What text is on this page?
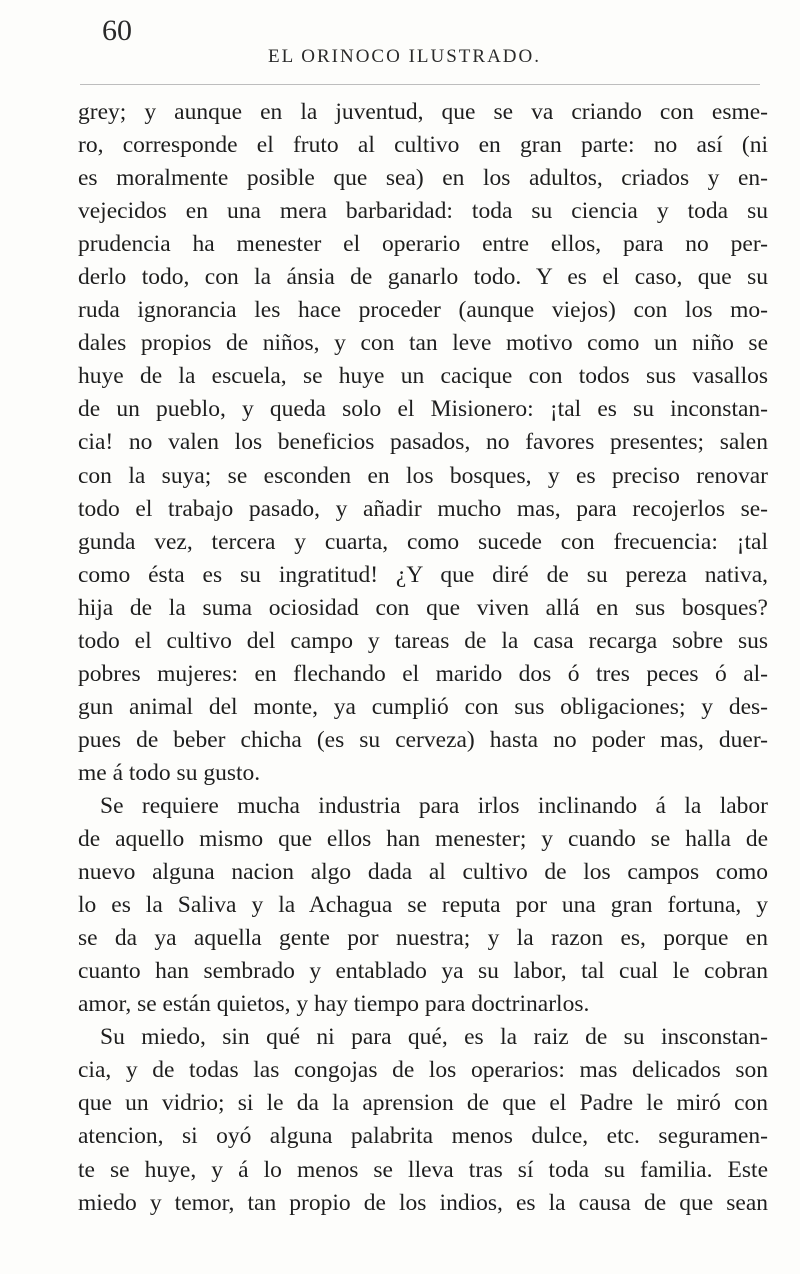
60
EL ORINOCO ILUSTRADO.
grey; y aunque en la juventud, que se va criando con esme-
ro, corresponde el fruto al cultivo en gran parte: no así (ni
es moralmente posible que sea) en los adultos, criados y en-
vejecidos en una mera barbaridad: toda su ciencia y toda su
prudencia ha menester el operario entre ellos, para no per-
derlo todo, con la ánsia de ganarlo todo. Y es el caso, que su
ruda ignorancia les hace proceder (aunque viejos) con los mo-
dales propios de niños, y con tan leve motivo como un niño se
huye de la escuela, se huye un cacique con todos sus vasallos
de un pueblo, y queda solo el Misionero: ¡tal es su inconstan-
cia! no valen los beneficios pasados, no favores presentes; salen
con la suya; se esconden en los bosques, y es preciso renovar
todo el trabajo pasado, y añadir mucho mas, para recojerlos se-
gunda vez, tercera y cuarta, como sucede con frecuencia: ¡tal
como ésta es su ingratitud! ¿Y que diré de su pereza nativa,
hija de la suma ociosidad con que viven allá en sus bosques?
todo el cultivo del campo y tareas de la casa recarga sobre sus
pobres mujeres: en flechando el marido dos ó tres peces ó al-
gun animal del monte, ya cumplió con sus obligaciones; y des-
pues de beber chicha (es su cerveza) hasta no poder mas, duer-
me á todo su gusto.
Se requiere mucha industria para irlos inclinando á la labor
de aquello mismo que ellos han menester; y cuando se halla de
nuevo alguna nacion algo dada al cultivo de los campos como
lo es la Saliva y la Achagua se reputa por una gran fortuna, y
se da ya aquella gente por nuestra; y la razon es, porque en
cuanto han sembrado y entablado ya su labor, tal cual le cobran
amor, se están quietos, y hay tiempo para doctrinarlos.
Su miedo, sin qué ni para qué, es la raiz de su insconstan-
cia, y de todas las congojas de los operarios: mas delicados son
que un vidrio; si le da la aprension de que el Padre le miró con
atencion, si oyó alguna palabrita menos dulce, etc. seguramen-
te se huye, y á lo menos se lleva tras sí toda su familia. Este
miedo y temor, tan propio de los indios, es la causa de que sean
